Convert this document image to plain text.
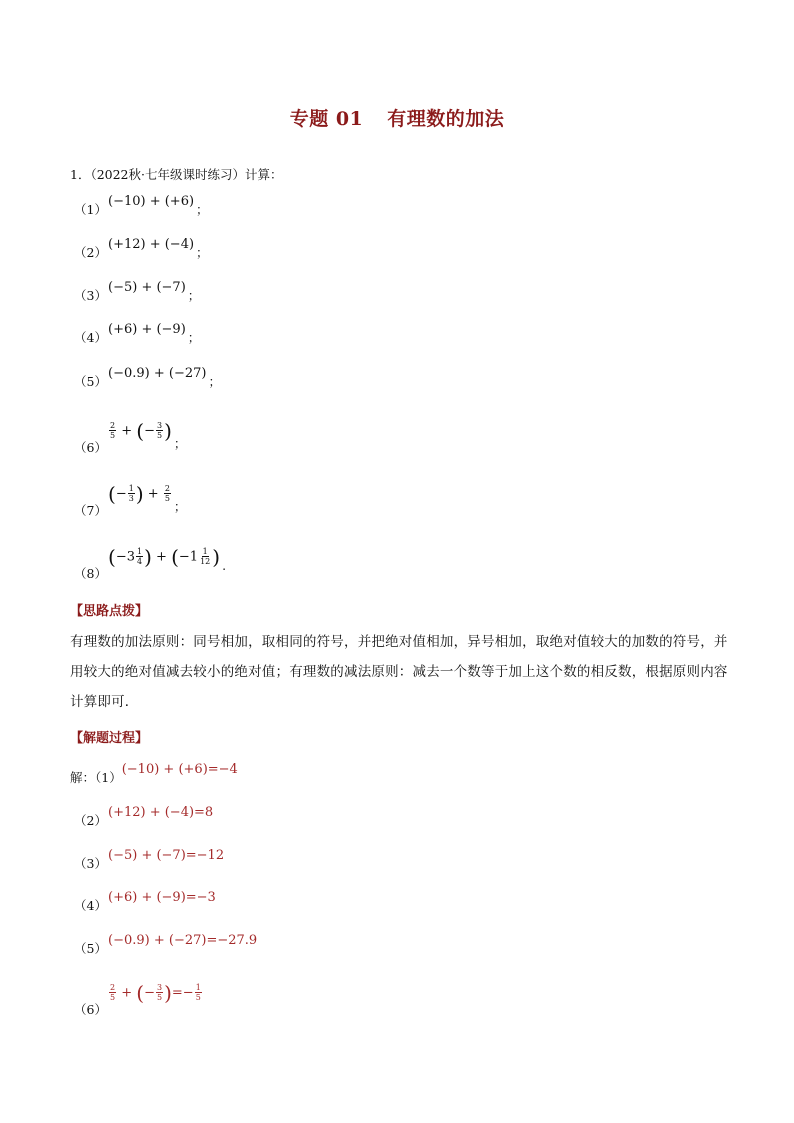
专题 01 有理数的加法
1．（2022秋·七年级课时练习）计算：
（1）(−10) + (+6)；
（2）(+12) + (−4)；
（3）(−5) + (−7)；
（4）(+6) + (−9)；
（5）(−0.9) + (−27)；
（6）
$\frac{2}{5}$ + (− $\frac{3}{5}$ )；
$(7)(- \frac{1}{3}$ ) + $\frac{2}{5}$
；
$(8)(-3 \frac{1}{4}$ ) + ($-1 \frac{1}{12}$ ) .
【思路点拨】
有理数的加法原则：同号相加，取相同的符号，并把绝对值相加，异号相加，取绝对值较大的加数的符号，并用较大的绝对值减去较小的绝对值；有理数的减法原则：减去一个数等于加上这个数的相反数，根据原则内容计算即可．
【解题过程】
解：（1）(−10) + (+6)=−4
（2）(+12) + (−4)=8
（3）(−5) + (−7)=−12
（4）(+6) + (−9)=−3
（5）(−0.9) + (−27)=−27.9
（6）
$\frac{2}{5}$ + (− $\frac{3}{5}$ )=− $\frac{1}{5}$
